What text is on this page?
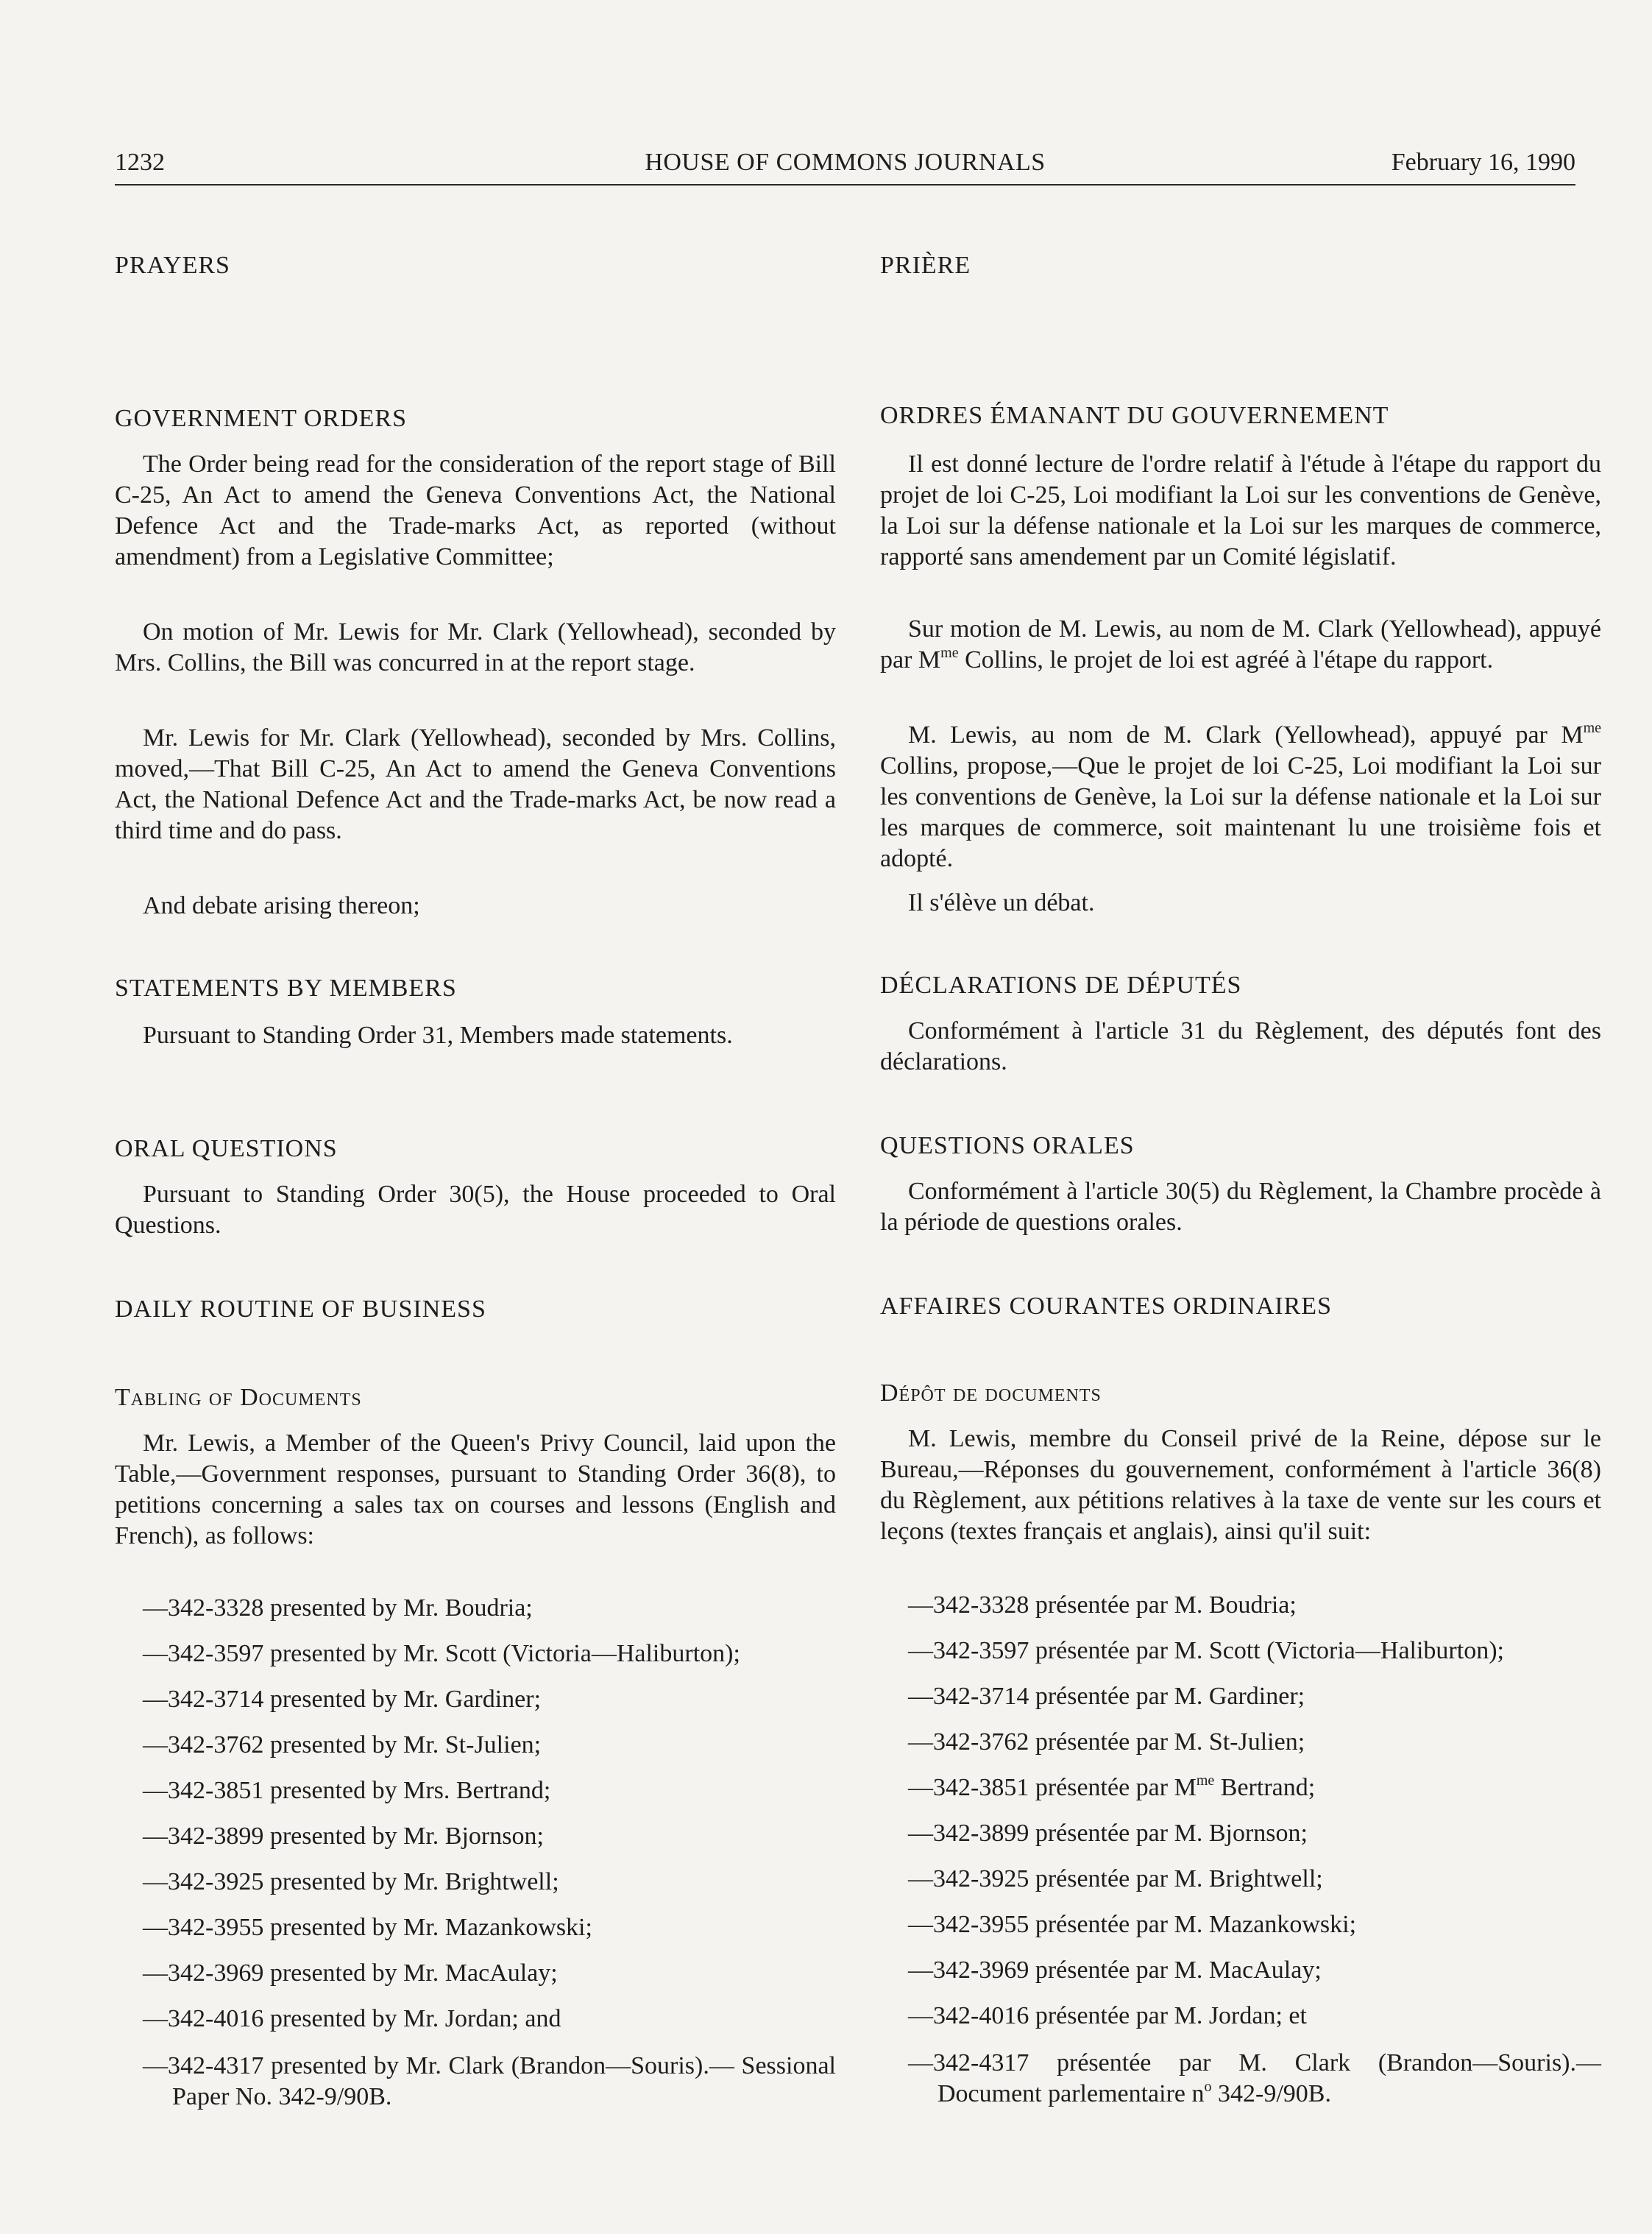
1232	HOUSE OF COMMONS JOURNALS	February 16, 1990

PRAYERS

GOVERNMENT ORDERS

The Order being read for the consideration of the report stage of Bill C-25, An Act to amend the Geneva Conventions Act, the National Defence Act and the Trade-marks Act, as reported (without amendment) from a Legislative Committee;

On motion of Mr. Lewis for Mr. Clark (Yellowhead), seconded by Mrs. Collins, the Bill was concurred in at the report stage.

Mr. Lewis for Mr. Clark (Yellowhead), seconded by Mrs. Collins, moved,—That Bill C-25, An Act to amend the Geneva Conventions Act, the National Defence Act and the Trade-marks Act, be now read a third time and do pass.

And debate arising thereon;

STATEMENTS BY MEMBERS

Pursuant to Standing Order 31, Members made statements.

ORAL QUESTIONS

Pursuant to Standing Order 30(5), the House proceeded to Oral Questions.

DAILY ROUTINE OF BUSINESS

Tabling of Documents

Mr. Lewis, a Member of the Queen's Privy Council, laid upon the Table,—Government responses, pursuant to Standing Order 36(8), to petitions concerning a sales tax on courses and lessons (English and French), as follows:

—342-3328 presented by Mr. Boudria;

—342-3597 presented by Mr. Scott (Victoria—Haliburton);

—342-3714 presented by Mr. Gardiner;

—342-3762 presented by Mr. St-Julien;

—342-3851 presented by Mrs. Bertrand;

—342-3899 presented by Mr. Bjornson;

—342-3925 presented by Mr. Brightwell;

—342-3955 presented by Mr. Mazankowski;

—342-3969 presented by Mr. MacAulay;

—342-4016 presented by Mr. Jordan; and

—342-4317 presented by Mr. Clark (Brandon—Souris).— Sessional Paper No. 342-9/90B.

PRIÈRE

ORDRES ÉMANANT DU GOUVERNEMENT

Il est donné lecture de l'ordre relatif à l'étude à l'étape du rapport du projet de loi C-25, Loi modifiant la Loi sur les conventions de Genève, la Loi sur la défense nationale et la Loi sur les marques de commerce, rapporté sans amendement par un Comité législatif.

Sur motion de M. Lewis, au nom de M. Clark (Yellowhead), appuyé par $M^{me}$ Collins, le projet de loi est agréé à l'étape du rapport.

M. Lewis, au nom de M. Clark (Yellowhead), appuyé par $M^{me}$ Collins, propose,—Que le projet de loi C-25, Loi modifiant la Loi sur les conventions de Genève, la Loi sur la défense nationale et la Loi sur les marques de commerce, soit maintenant lu une troisième fois et adopté.

Il s'élève un débat.

DÉCLARATIONS DE DÉPUTÉS

Conformément à l'article 31 du Règlement, des députés font des déclarations.

QUESTIONS ORALES

Conformément à l'article 30(5) du Règlement, la Chambre procède à la période de questions orales.

AFFAIRES COURANTES ORDINAIRES

Dépôt de documents

M. Lewis, membre du Conseil privé de la Reine, dépose sur le Bureau,—Réponses du gouvernement, conformément à l'article 36(8) du Règlement, aux pétitions relatives à la taxe de vente sur les cours et leçons (textes français et anglais), ainsi qu'il suit:

—342-3328 présentée par M. Boudria;

—342-3597 présentée par M. Scott (Victoria—Haliburton);

—342-3714 présentée par M. Gardiner;

—342-3762 présentée par M. St-Julien;

—342-3851 présentée par $M^{me}$ Bertrand;

—342-3899 présentée par M. Bjornson;

—342-3925 présentée par M. Brightwell;

—342-3955 présentée par M. Mazankowski;

—342-3969 présentée par M. MacAulay;

—342-4016 présentée par M. Jordan; et

—342-4317 présentée par M. Clark (Brandon—Souris).— Document parlementaire $n^o$ 342-9/90B.
